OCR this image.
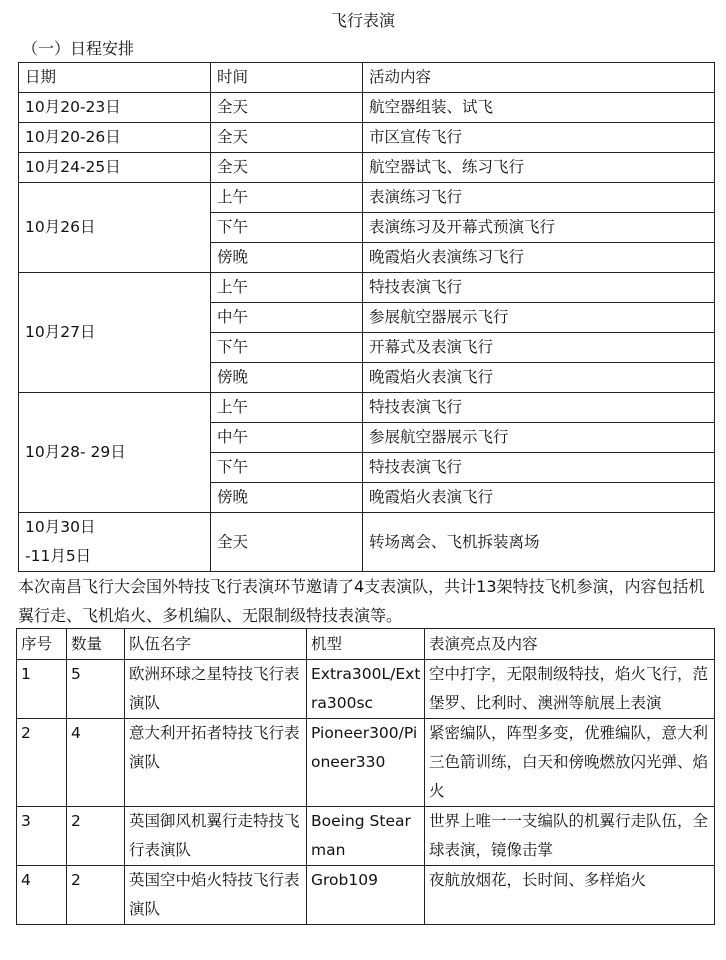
飞行表演
（一）日程安排
日期	时间	活动内容
10月20-23日	全天	航空器组装、试飞
10月20-26日	全天	市区宣传飞行
10月24-25日	全天	航空器试飞、练习飞行
10月26日	上午	表演练习飞行
	下午	表演练习及开幕式预演飞行
	傍晚	晚霞焰火表演练习飞行
10月27日	上午	特技表演飞行
	中午	参展航空器展示飞行
	下午	开幕式及表演飞行
	傍晚	晚霞焰火表演飞行
10月28- 29日	上午	特技表演飞行
	中午	参展航空器展示飞行
	下午	特技表演飞行
	傍晚	晚霞焰火表演飞行

10月30日
-11月5日	全天	转场离会、飞机拆装离场
本次南昌飞行大会国外特技飞行表演环节邀请了4支表演队，共计13架特技飞机参演，内容包括机翼行走、飞机焰火、多机编队、无限制级特技表演等。
序号	数量	队伍名字	机型	表演亮点及内容
1	5	欧洲环球之星特技飞行表演队	Extra300L/Extra300sc	空中打字，无限制级特技，焰火飞行，范堡罗、比利时、澳洲等航展上表演
2	4	意大利开拓者特技飞行表演队	Pioneer300/Pioneer330	紧密编队，阵型多变，优雅编队，意大利三色箭训练，白天和傍晚燃放闪光弹、焰火
3	2	英国御风机翼行走特技飞行表演队	Boeing Stearman	世界上唯一一支编队的机翼行走队伍，全球表演，镜像击掌
4	2	英国空中焰火特技飞行表演队	Grob109	夜航放烟花，长时间、多样焰火
